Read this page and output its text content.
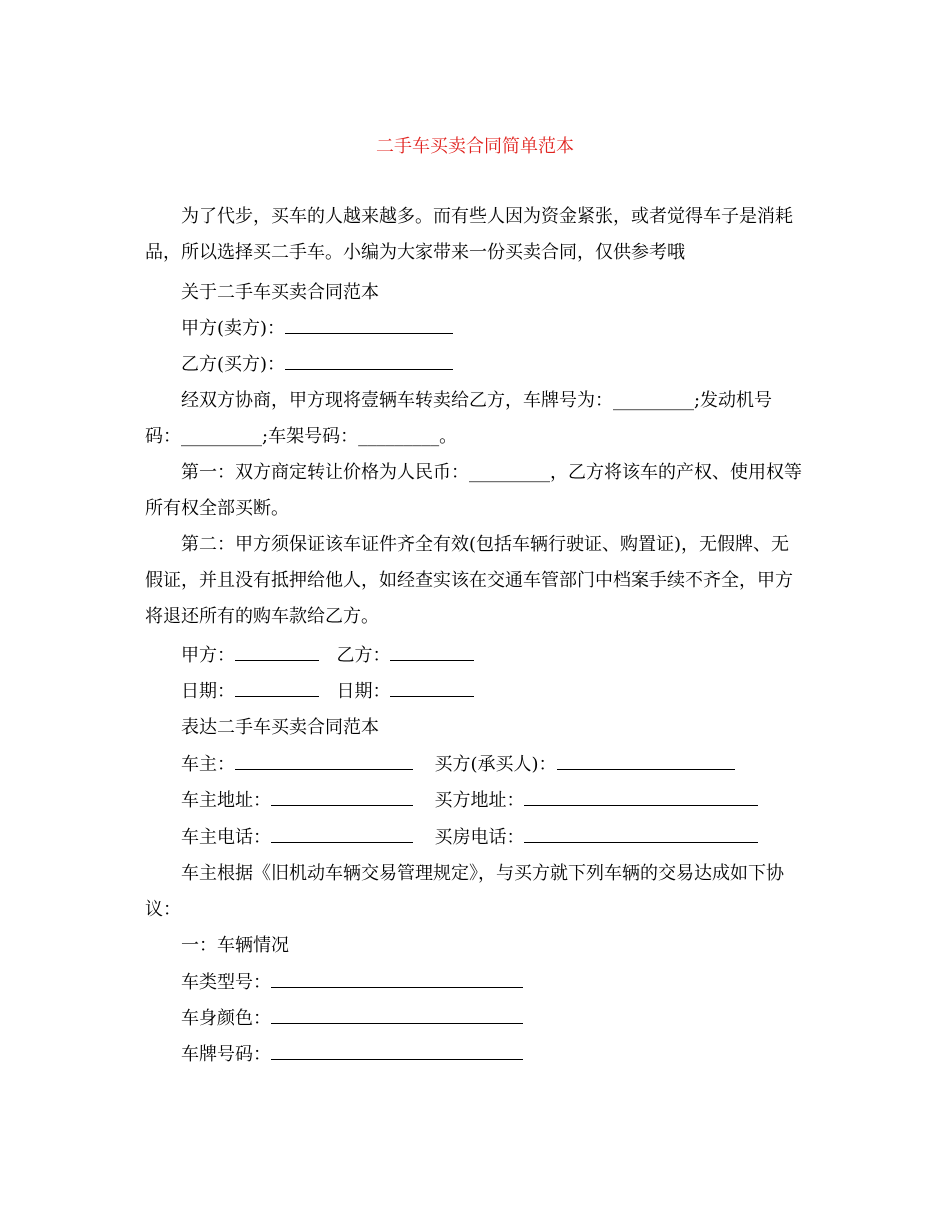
二手车买卖合同简单范本

为了代步，买车的人越来越多。而有些人因为资金紧张，或者觉得车子是消耗品，所以选择买二手车。小编为大家带来一份买卖合同，仅供参考哦

关于二手车买卖合同范本
甲方(卖方)：
乙方(买方)：

经双方协商，甲方现将壹辆车转卖给乙方，车牌号为：_________;发动机号码：_________;车架号码：_________。

第一：双方商定转让价格为人民币：_________，乙方将该车的产权、使用权等所有权全部买断。

第二：甲方须保证该车证件齐全有效(包括车辆行驶证、购置证)，无假牌、无假证，并且没有抵押给他人，如经查实该在交通车管部门中档案手续不齐全，甲方将退还所有的购车款给乙方。

甲方：	乙方：
日期：	日期：
表达二手车买卖合同范本
车主：	买方(承买人)：
车主地址：	买方地址：
车主电话：	买房电话：

车主根据《旧机动车辆交易管理规定》，与买方就下列车辆的交易达成如下协议：

一：车辆情况
车类型号：
车身颜色：
车牌号码：
